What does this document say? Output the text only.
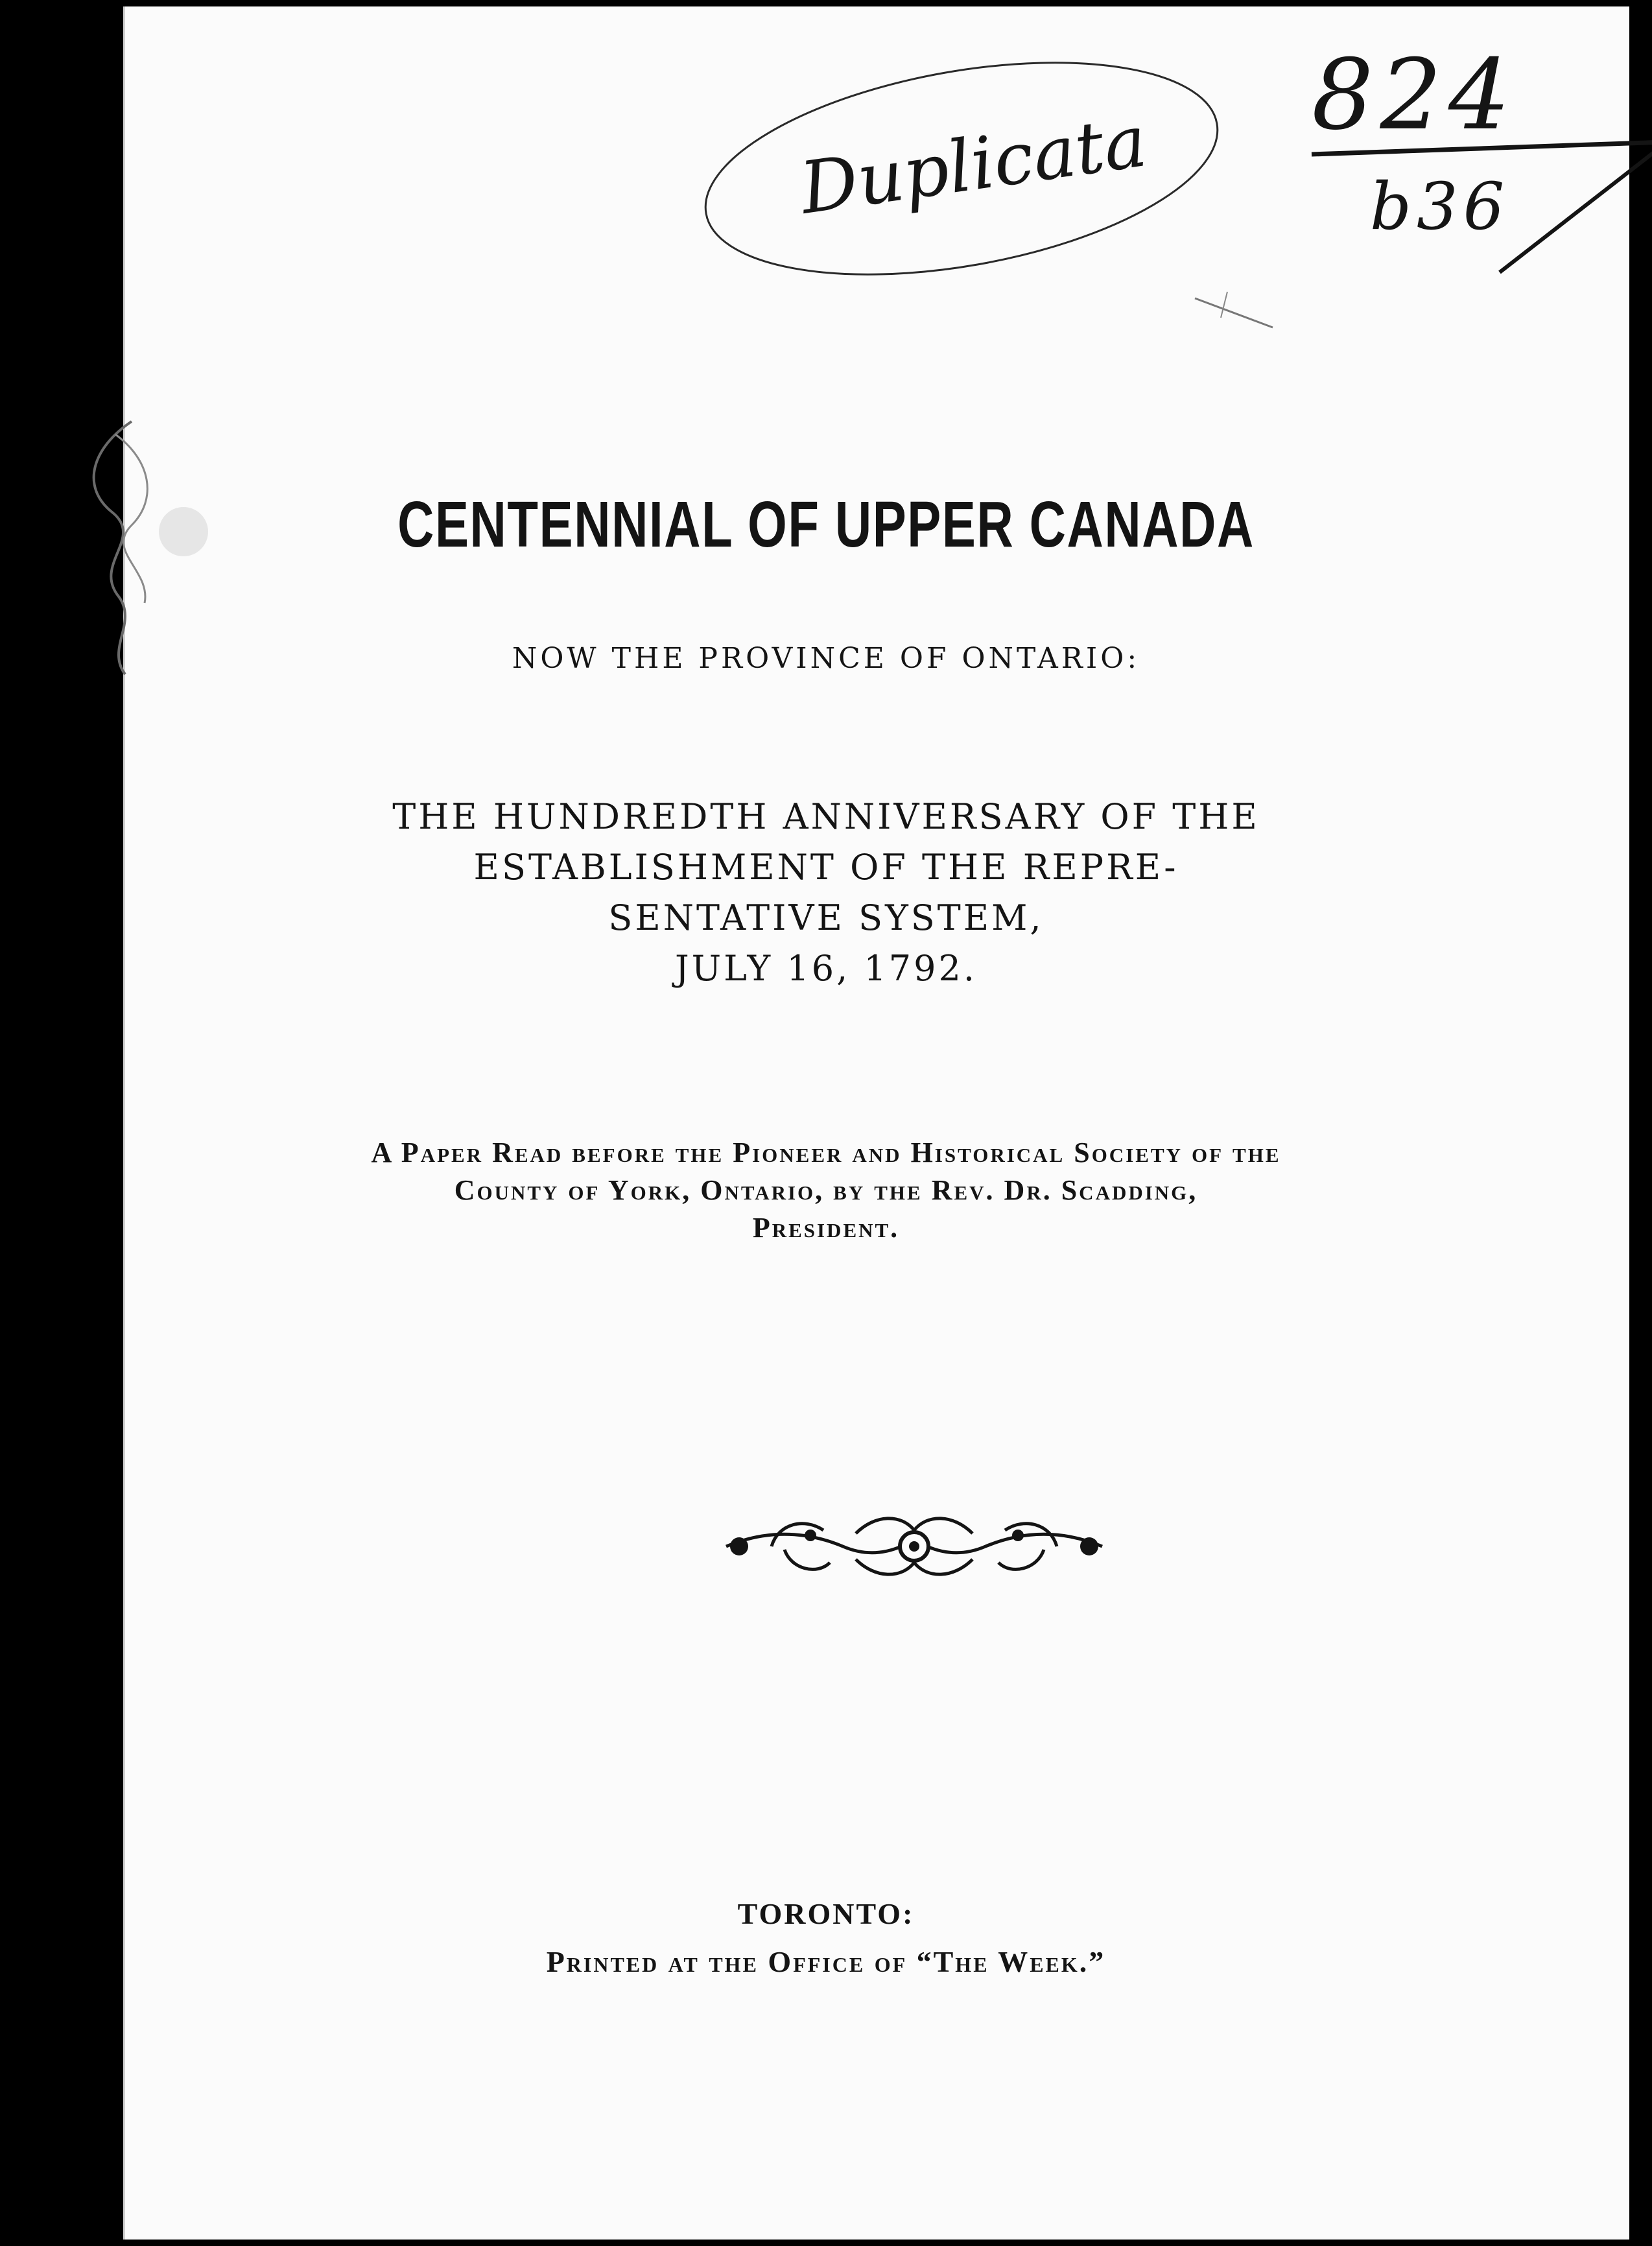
Duplicata
824
b36
CENTENNIAL OF UPPER CANADA
NOW THE PROVINCE OF ONTARIO:
THE HUNDREDTH ANNIVERSARY OF THE
ESTABLISHMENT OF THE REPRE-
SENTATIVE SYSTEM,
JULY 16, 1792.
A Paper Read before the Pioneer and Historical Society of the
County of York, Ontario, by the Rev. Dr. Scadding,
President.
TORONTO:
Printed at the Office of “The Week.”
